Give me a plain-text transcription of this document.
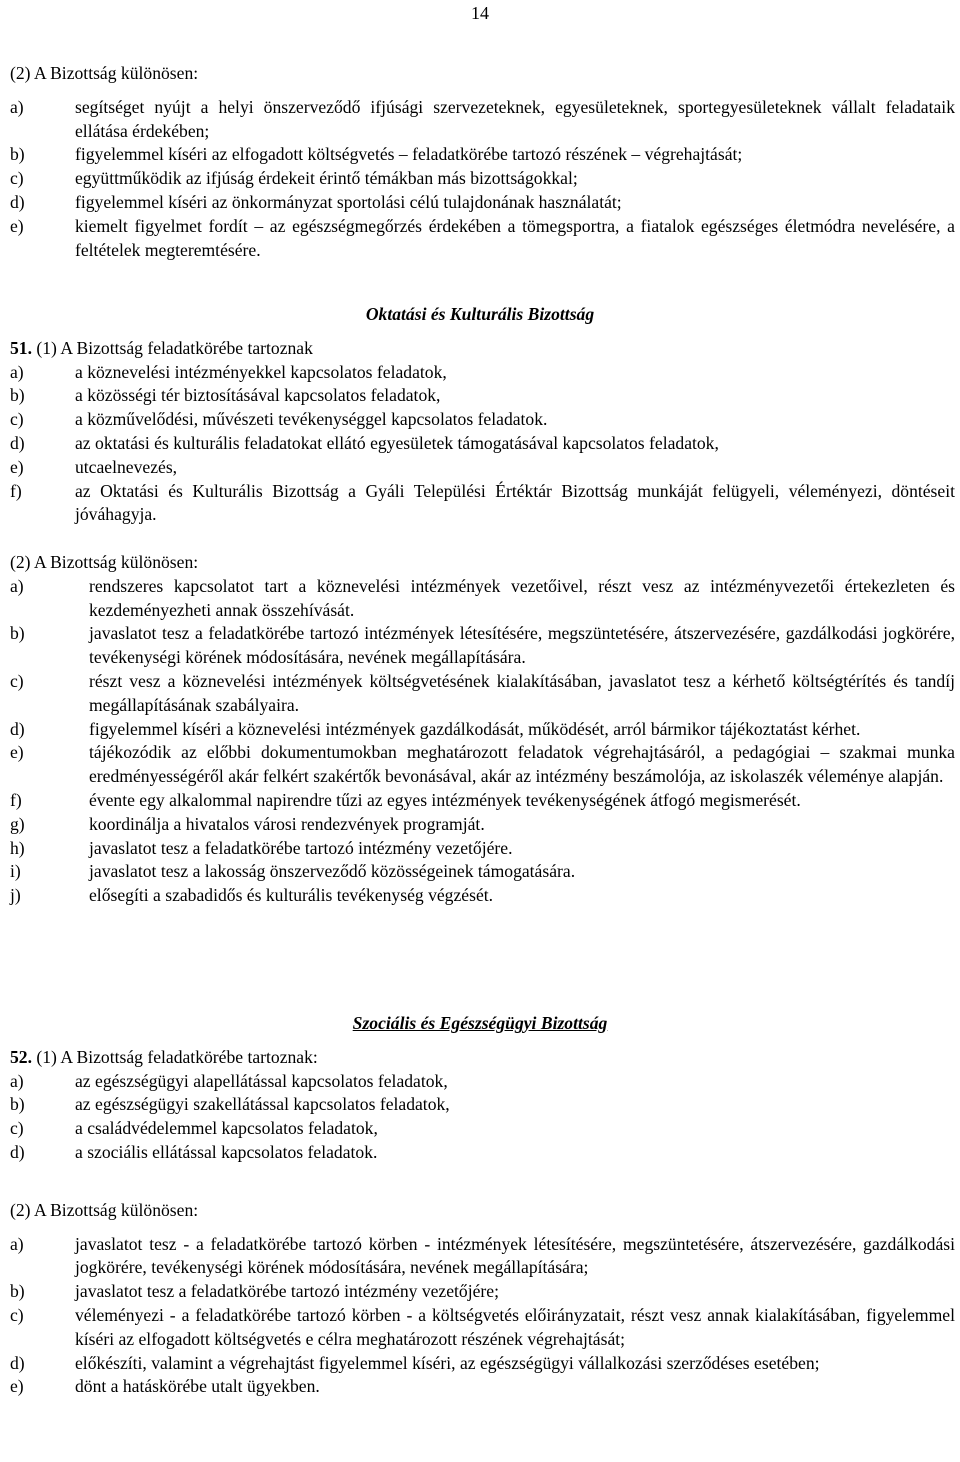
14
(2) A Bizottság különösen:
a)	segítséget nyújt a helyi önszerveződő ifjúsági szervezeteknek, egyesületeknek, sportegyesületeknek vállalt feladataik ellátása érdekében;
b)	figyelemmel kíséri az elfogadott költségvetés – feladatkörébe tartozó részének – végrehajtását;
c)	együttműködik az ifjúság érdekeit érintő témákban más bizottságokkal;
d)	figyelemmel kíséri az önkormányzat sportolási célú tulajdonának használatát;
e)	kiemelt figyelmet fordít – az egészségmegőrzés érdekében a tömegsportra, a fiatalok egészséges életmódra nevelésére, a feltételek megteremtésére.
Oktatási és Kulturális Bizottság
51. (1) A Bizottság feladatkörébe tartoznak
a)	a köznevelési intézményekkel kapcsolatos feladatok,
b)	a közösségi tér biztosításával kapcsolatos feladatok,
c)	a közművelődési, művészeti tevékenységgel kapcsolatos feladatok.
d)	az oktatási és kulturális feladatokat ellátó egyesületek támogatásával kapcsolatos feladatok,
e)	utcaelnevezés,
f)	az Oktatási és Kulturális Bizottság a Gyáli Települési Értéktár Bizottság munkáját felügyeli, véleményezi, döntéseit jóváhagyja.
(2) A Bizottság különösen:
a)	rendszeres kapcsolatot tart a köznevelési intézmények vezetőivel, részt vesz az intézményvezetői értekezleten és kezdeményezheti annak összehívását.
b)	javaslatot tesz a feladatkörébe tartozó intézmények létesítésére, megszüntetésére, átszervezésére, gazdálkodási jogkörére, tevékenységi körének módosítására, nevének megállapítására.
c)	részt vesz a köznevelési intézmények költségvetésének kialakításában, javaslatot tesz a kérhető költségtérítés és tandíj megállapításának szabályaira.
d)	figyelemmel kíséri a köznevelési intézmények gazdálkodását, működését, arról bármikor tájékoztatást kérhet.
e)	tájékozódik az előbbi dokumentumokban meghatározott feladatok végrehajtásáról, a pedagógiai – szakmai munka eredményességéről akár felkért szakértők bevonásával, akár az intézmény beszámolója, az iskolaszék véleménye alapján.
f)	évente egy alkalommal napirendre tűzi az egyes intézmények tevékenységének átfogó megismerését.
g)	koordinálja a hivatalos városi rendezvények programját.
h)	javaslatot tesz a feladatkörébe tartozó intézmény vezetőjére.
i)	javaslatot tesz a lakosság önszerveződő közösségeinek támogatására.
j)	elősegíti a szabadidős és kulturális tevékenység végzését.
Szociális és Egészségügyi Bizottság
52. (1) A Bizottság feladatkörébe tartoznak:
a)	az egészségügyi alapellátással kapcsolatos feladatok,
b)	az egészségügyi szakellátással kapcsolatos feladatok,
c)	a családvédelemmel kapcsolatos feladatok,
d)	a szociális ellátással kapcsolatos feladatok.
(2) A Bizottság különösen:
a)	javaslatot tesz - a feladatkörébe tartozó körben - intézmények létesítésére, megszüntetésére, átszervezésére, gazdálkodási jogkörére, tevékenységi körének módosítására, nevének megállapítására;
b)	javaslatot tesz a feladatkörébe tartozó intézmény vezetőjére;
c)	véleményezi - a feladatkörébe tartozó körben - a költségvetés előirányzatait, részt vesz annak kialakításában, figyelemmel kíséri az elfogadott költségvetés e célra meghatározott részének végrehajtását;
d)	előkészíti, valamint a végrehajtást figyelemmel kíséri, az egészségügyi vállalkozási szerződéses esetében;
e)	dönt a hatáskörébe utalt ügyekben.
